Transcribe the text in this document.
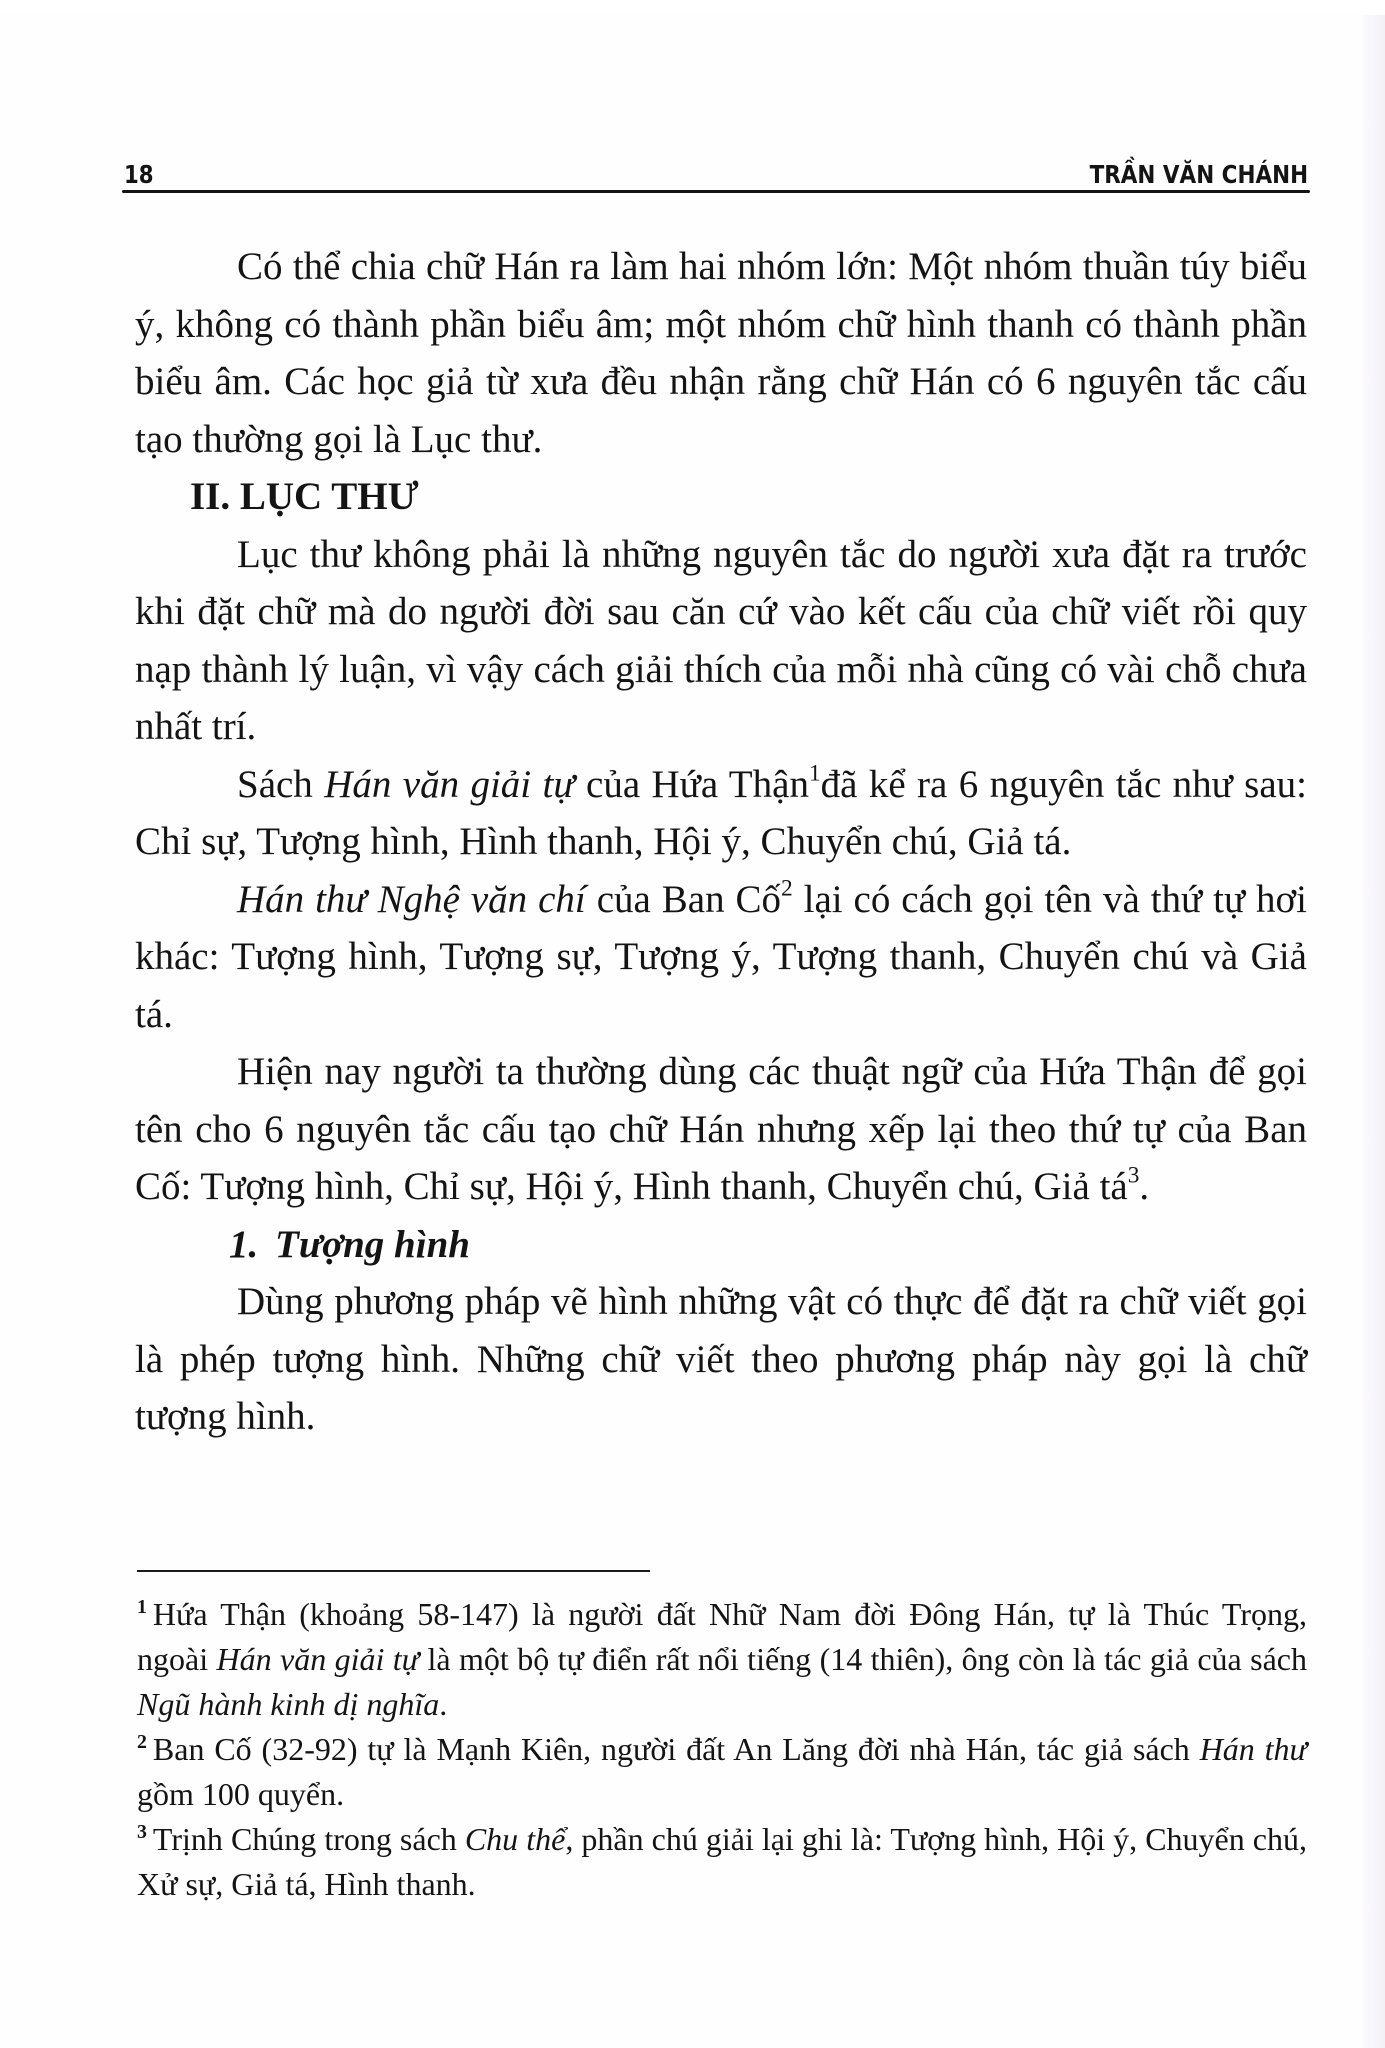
18	TRẦN VĂN CHÁNH

Có thể chia chữ Hán ra làm hai nhóm lớn: Một nhóm thuần túy biểu ý, không có thành phần biểu âm; một nhóm chữ hình thanh có thành phần biểu âm. Các học giả từ xưa đều nhận rằng chữ Hán có 6 nguyên tắc cấu tạo thường gọi là Lục thư.

II. LỤC THƯ

Lục thư không phải là những nguyên tắc do người xưa đặt ra trước khi đặt chữ mà do người đời sau căn cứ vào kết cấu của chữ viết rồi quy nạp thành lý luận, vì vậy cách giải thích của mỗi nhà cũng có vài chỗ chưa nhất trí.

Sách Hán văn giải tự của Hứa Thận$^1$đã kể ra 6 nguyên tắc như sau: Chỉ sự, Tượng hình, Hình thanh, Hội ý, Chuyển chú, Giả tá.

Hán thư Nghệ văn chí của Ban Cố$^2$ lại có cách gọi tên và thứ tự hơi khác: Tượng hình, Tượng sự, Tượng ý, Tượng thanh, Chuyển chú và Giả tá.

Hiện nay người ta thường dùng các thuật ngữ của Hứa Thận để gọi tên cho 6 nguyên tắc cấu tạo chữ Hán nhưng xếp lại theo thứ tự của Ban Cố: Tượng hình, Chỉ sự, Hội ý, Hình thanh, Chuyển chú, Giả $tá^3$.

1. Tượng hình

Dùng phương pháp vẽ hình những vật có thực để đặt ra chữ viết gọi là phép tượng hình. Những chữ viết theo phương pháp này gọi là chữ tượng hình.

$^1$ Hứa Thận (khoảng 58-147) là người đất Nhữ Nam đời Đông Hán, tự là Thúc Trọng, ngoài Hán văn giải tự là một bộ tự điển rất nổi tiếng (14 thiên), ông còn là tác giả của sách Ngũ hành kinh dị nghĩa.

$^2$ Ban Cố (32-92) tự là Mạnh Kiên, người đất An Lăng đời nhà Hán, tác giả sách Hán thư gồm 100 quyển.

$^3$ Trịnh Chúng trong sách Chu thể, phần chú giải lại ghi là: Tượng hình, Hội ý, Chuyển chú, Xử sự, Giả tá, Hình thanh.
